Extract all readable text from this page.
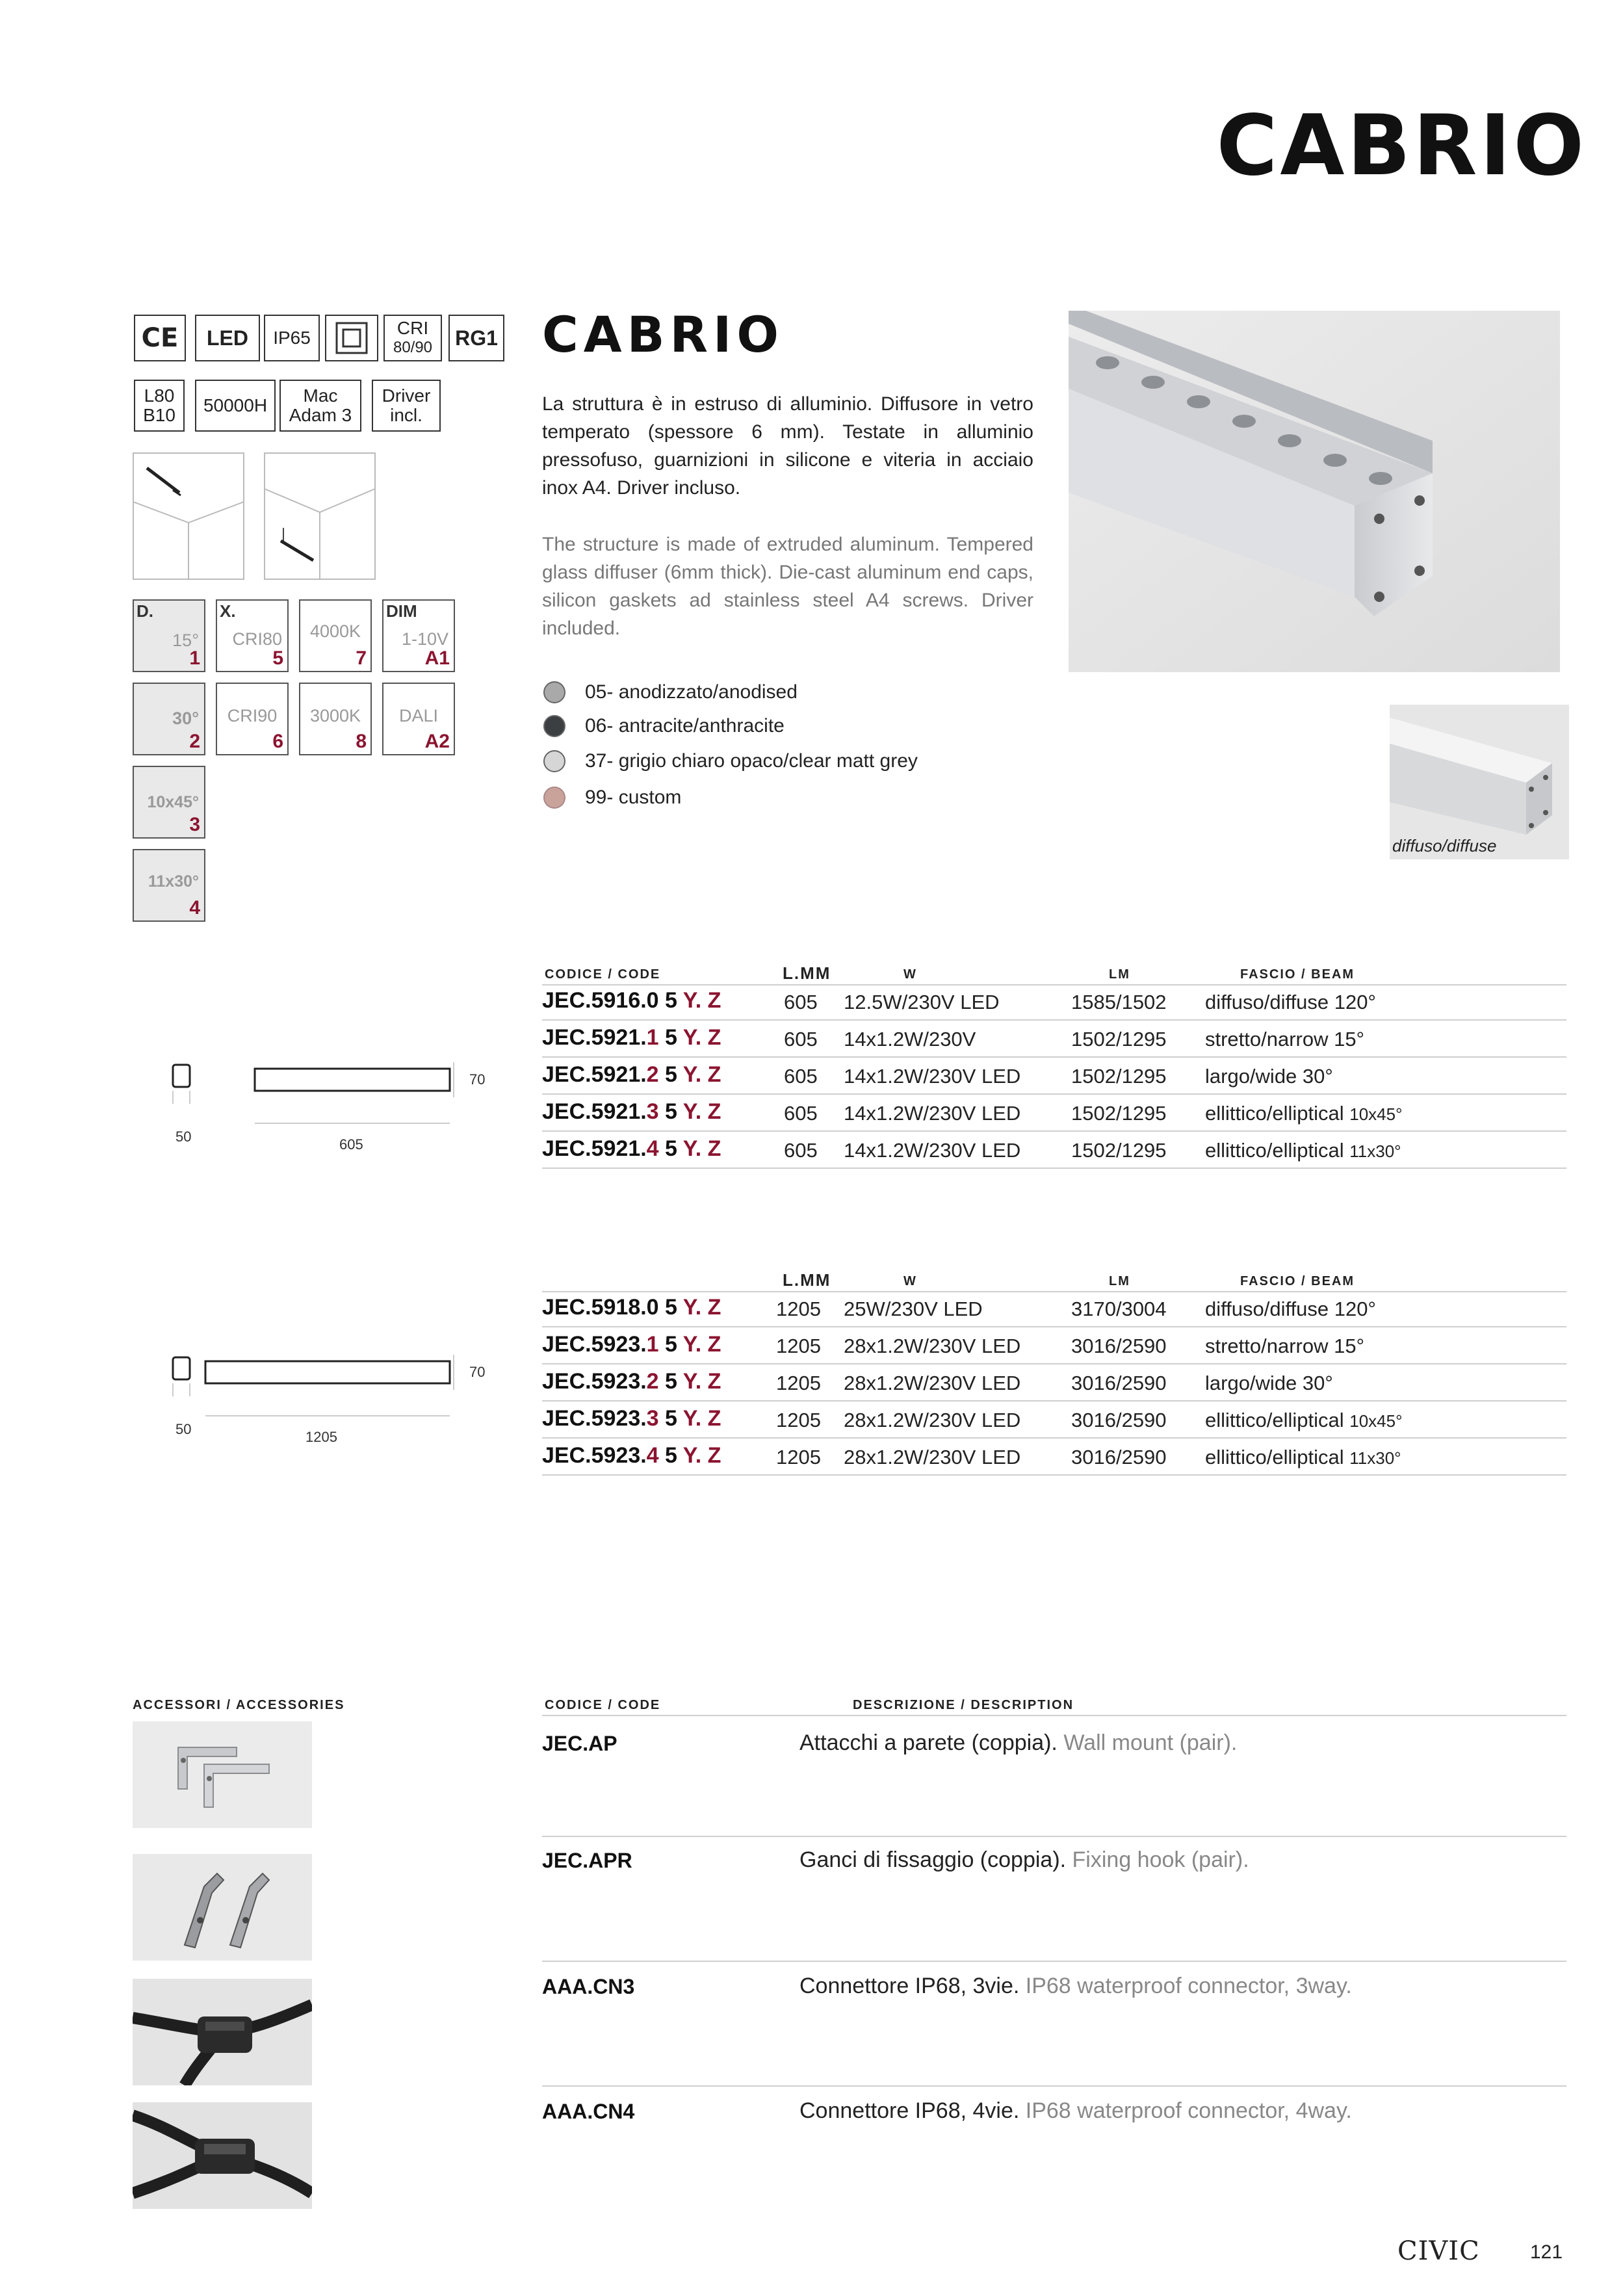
CABRIO
CE	LED	IP65	CRI
80/90	RG1
L80
B10	50000H	Mac
Adam 3
Driver
incl.
D.
15°
1
X.
CRI80
5
4000K
7
DIM
1-10V
A1
30°
2
CRI90
6
3000K
8
DALI
A2
10x45°
3
11x30°
4
CABRIO
La struttura è in estruso di alluminio. Diffusore in vetro temperato (spessore 6 mm). Testate in alluminio pressofuso, guarnizioni in silicone e viteria in acciaio inox A4. Driver incluso.
The structure is made of extruded aluminum. Tempered glass diffuser (6mm thick). Die-cast aluminum end caps, silicon gaskets ad stainless steel A4 screws. Driver included.
05- anodizzato/anodised
06- antracite/anthracite
37- grigio chiaro opaco/clear matt grey
99- custom
diffuso/diffuse
CODICE / CODE	L.MM	W	LM	FASCIO / BEAM
JEC.5916.0 5 Y. Z	605 12.5W/230V LED	1585/1502 diffuso/diffuse 120°
JEC.5921.1 5 Y. Z	605 14x1.2W/230V	1502/1295 stretto/narrow 15°
JEC.5921.2 5 Y. Z	605 14x1.2W/230V LED	1502/1295 largo/wide 30°
JEC.5921.3 5 Y. Z	605 14x1.2W/230V LED	1502/1295 ellittico/elliptical 10x45°
JEC.5921.4 5 Y. Z	605 14x1.2W/230V LED	1502/1295 ellittico/elliptical 11x30°
70
50	605
L.MM	W	LM	FASCIO / BEAM
JEC.5918.0 5 Y. Z	1205 25W/230V LED	3170/3004 diffuso/diffuse 120°
JEC.5923.1 5 Y. Z	1205 28x1.2W/230V LED	3016/2590 stretto/narrow 15°
JEC.5923.2 5 Y. Z	1205 28x1.2W/230V LED	3016/2590 largo/wide 30°
JEC.5923.3 5 Y. Z	1205 28x1.2W/230V LED	3016/2590 ellittico/elliptical 10x45°
JEC.5923.4 5 Y. Z	1205 28x1.2W/230V LED	3016/2590 ellittico/elliptical 11x30°
70
50	1205
ACCESSORI / ACCESSORIES	CODICE / CODE	DESCRIZIONE / DESCRIPTION
JEC.AP	Attacchi a parete (coppia). Wall mount (pair).
JEC.APR	Ganci di fissaggio (coppia). Fixing hook (pair).
AAA.CN3	Connettore IP68, 3vie. IP68 waterproof connector, 3way.
AAA.CN4	Connettore IP68, 4vie. IP68 waterproof connector, 4way.
CIVIC	121
